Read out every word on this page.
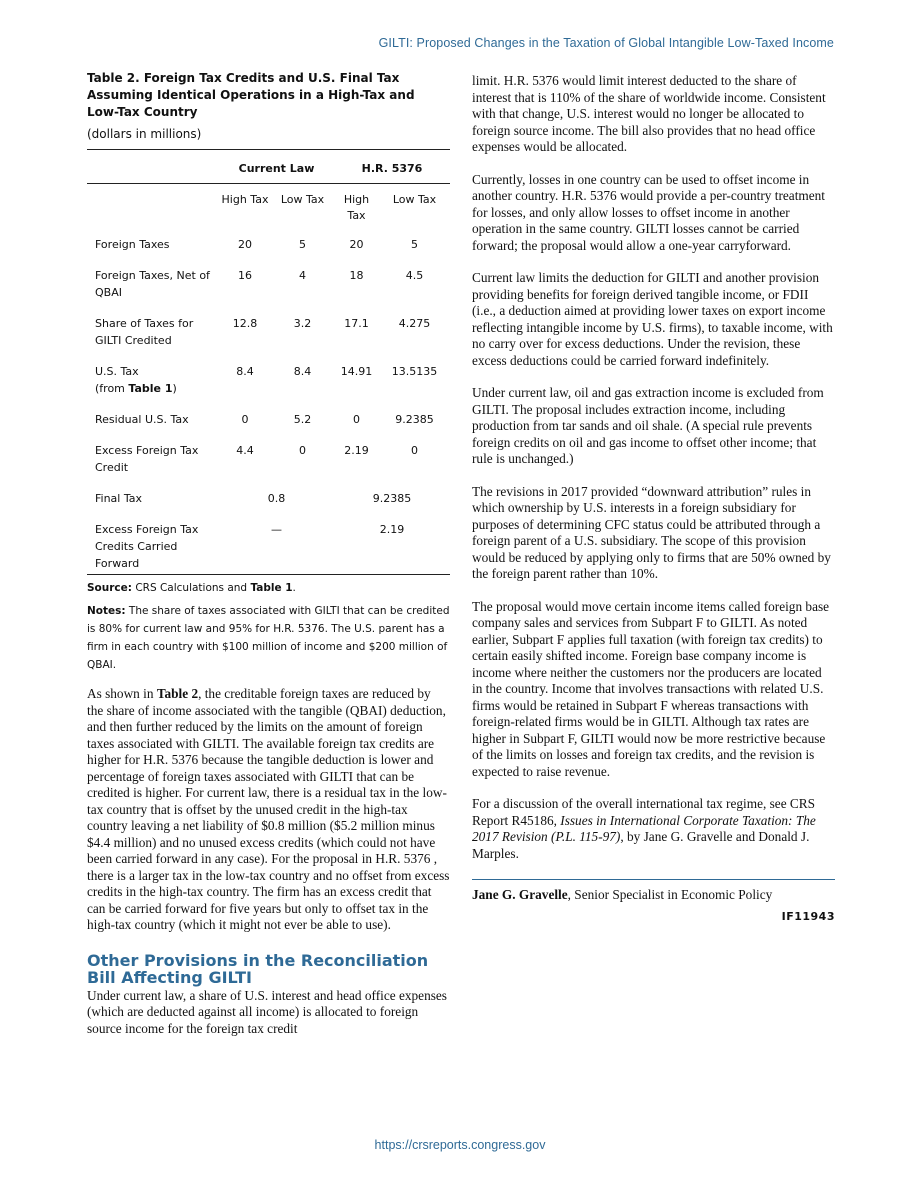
GILTI: Proposed Changes in the Taxation of Global Intangible Low-Taxed Income
Table 2. Foreign Tax Credits and U.S. Final Tax Assuming Identical Operations in a High-Tax and Low-Tax Country
(dollars in millions)
	Current Law		H.R. 5376	
	High Tax	Low Tax	High Tax	Low Tax
Foreign Taxes	20	5	20	5
Foreign Taxes, Net of QBAI	16	4	18	4.5
Share of Taxes for GILTI Credited	12.8	3.2	17.1	4.275
U.S. Tax
(from Table 1)	8.4	8.4	14.91	13.5135
Residual U.S. Tax	0	5.2	0	9.2385
Excess Foreign Tax Credit	4.4	0	2.19	0
Final Tax	0.8		9.2385	
Excess Foreign Tax Credits Carried Forward	—		2.19	
Source: CRS Calculations and Table 1.
Notes: The share of taxes associated with GILTI that can be credited is 80% for current law and 95% for H.R. 5376. The U.S. parent has a firm in each country with $100 million of income and $200 million of QBAI.

As shown in Table 2, the creditable foreign taxes are reduced by the share of income associated with the tangible (QBAI) deduction, and then further reduced by the limits on the amount of foreign taxes associated with GILTI. The available foreign tax credits are higher for H.R. 5376 because the tangible deduction is lower and percentage of foreign taxes associated with GILTI that can be credited is higher. For current law, there is a residual tax in the low-tax country that is offset by the unused credit in the high-tax country leaving a net liability of $0.8 million ($5.2 million minus $4.4 million) and no unused excess credits (which could not have been carried forward in any case). For the proposal in H.R. 5376 , there is a larger tax in the low-tax country and no offset from excess credits in the high-tax country. The firm has an excess credit that can be carried forward for five years but only to offset tax in the high-tax country (which it might not ever be able to use).

Other Provisions in the Reconciliation Bill Affecting GILTI

Under current law, a share of U.S. interest and head office expenses (which are deducted against all income) is allocated to foreign source income for the foreign tax credit

limit. H.R. 5376 would limit interest deducted to the share of interest that is 110% of the share of worldwide income. Consistent with that change, U.S. interest would no longer be allocated to foreign source income. The bill also provides that no head office expenses would be allocated.

Currently, losses in one country can be used to offset income in another country. H.R. 5376 would provide a per-country treatment for losses, and only allow losses to offset income in another operation in the same country. GILTI losses cannot be carried forward; the proposal would allow a one-year carryforward.

Current law limits the deduction for GILTI and another provision providing benefits for foreign derived tangible income, or FDII (i.e., a deduction aimed at providing lower taxes on export income reflecting intangible income by U.S. firms), to taxable income, with no carry over for excess deductions. Under the revision, these excess deductions could be carried forward indefinitely.

Under current law, oil and gas extraction income is excluded from GILTI. The proposal includes extraction income, including production from tar sands and oil shale. (A special rule prevents foreign credits on oil and gas income to offset other income; that rule is unchanged.)

The revisions in 2017 provided “downward attribution” rules in which ownership by U.S. interests in a foreign subsidiary for purposes of determining CFC status could be attributed through a foreign parent of a U.S. subsidiary. The scope of this provision would be reduced by applying only to firms that are 50% owned by the foreign parent rather than 10%.

The proposal would move certain income items called foreign base company sales and services from Subpart F to GILTI. As noted earlier, Subpart F applies full taxation (with foreign tax credits) to certain easily shifted income. Foreign base company income is income where neither the customers nor the producers are located in the country. Income that involves transactions with related U.S. firms would be retained in Subpart F whereas transactions with foreign-related firms would be in GILTI. Although tax rates are higher in Subpart F, GILTI would now be more restrictive because of the limits on losses and foreign tax credits, and the revision is expected to raise revenue.

For a discussion of the overall international tax regime, see CRS Report R45186, Issues in International Corporate Taxation: The 2017 Revision (P.L. 115-97), by Jane G. Gravelle and Donald J. Marples.

Jane G. Gravelle, Senior Specialist in Economic Policy
IF11943
https://crsreports.congress.gov
